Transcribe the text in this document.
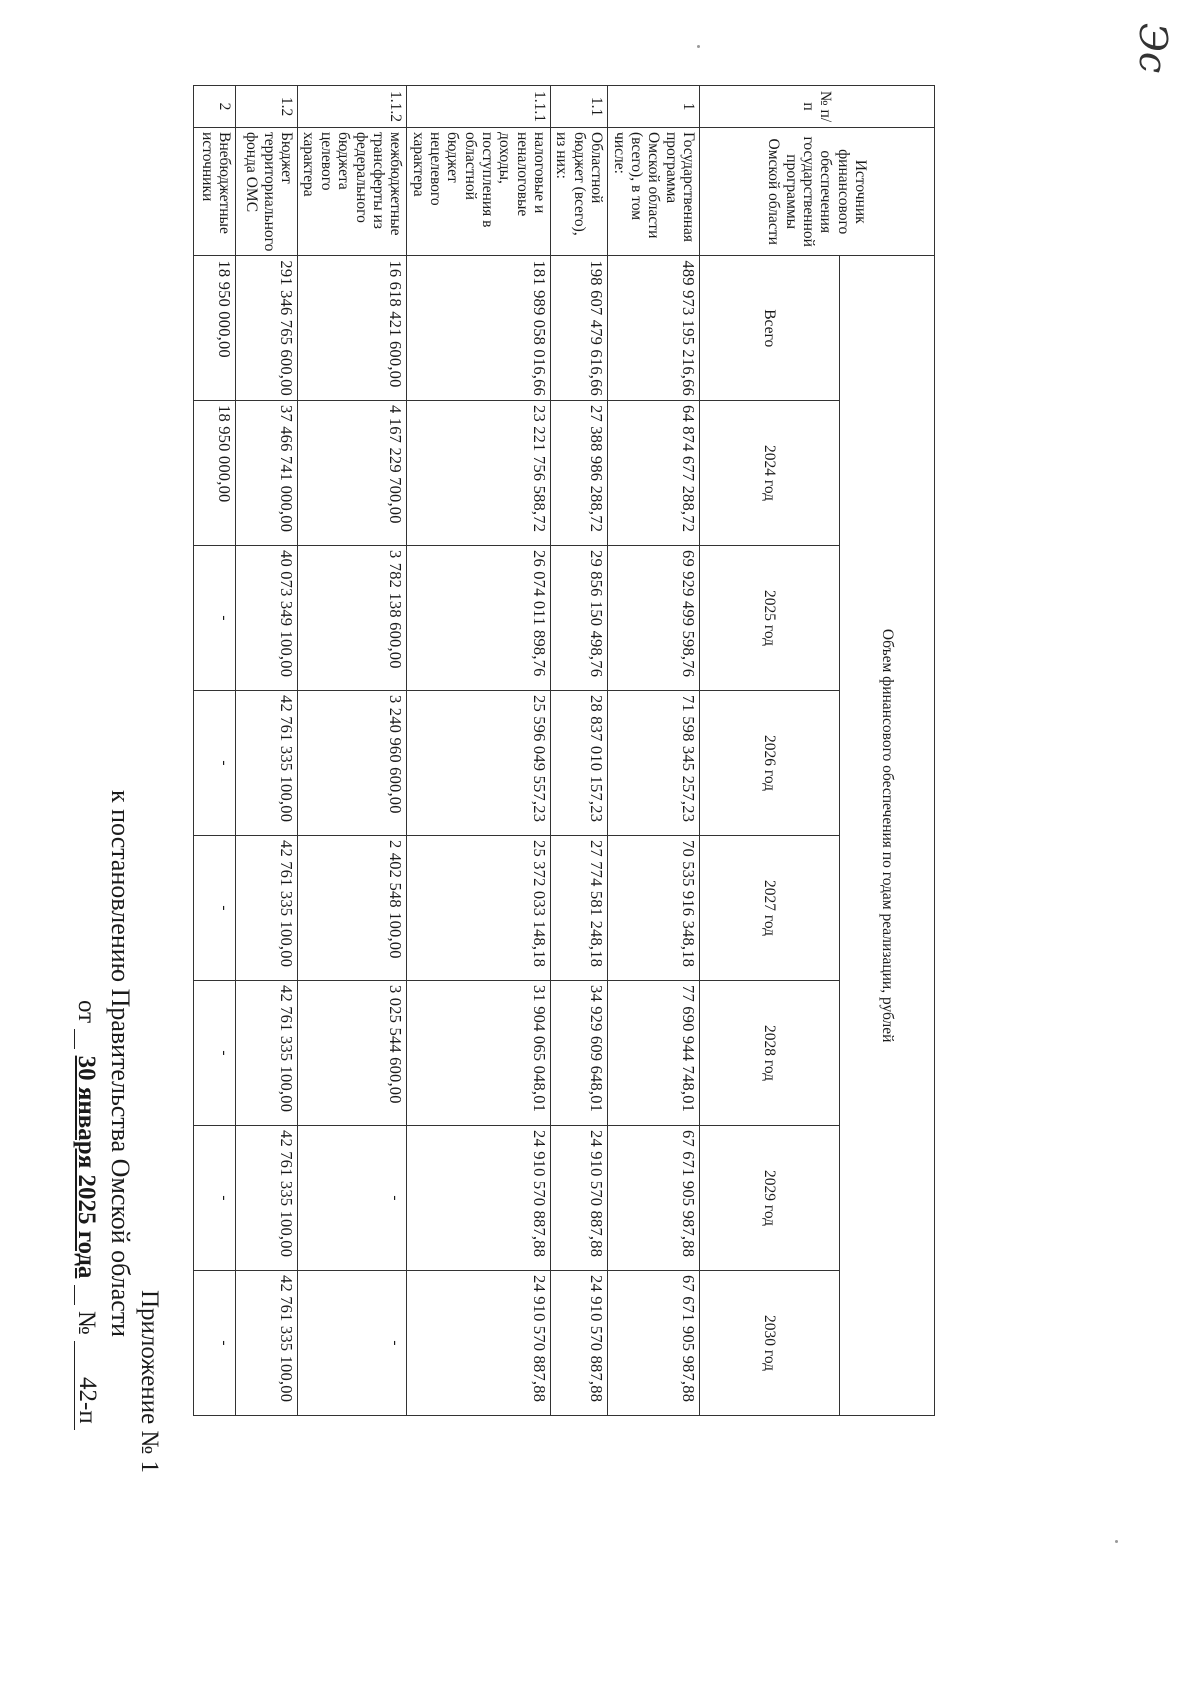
Эс
Приложение № 1
к постановлению Правительства Омской области
от   30 января 2025 года   №  42-п
№ п/п	Источник финансового обеспечения государственной программы Омской области	Объем финансового обеспечения по годам реализации, рублей							
		Всего	2024 год	2025 год	2026 год	2027 год	2028 год	2029 год	2030 год
1	Государственная программа Омской области (всего), в том числе:	489 973 195 216,66	64 874 677 288,72	69 929 499 598,76	71 598 345 257,23	70 535 916 348,18	77 690 944 748,01	67 671 905 987,88	67 671 905 987,88
1.1	Областной бюджет (всего), из них:	198 607 479 616,66	27 388 986 288,72	29 856 150 498,76	28 837 010 157,23	27 774 581 248,18	34 929 609 648,01	24 910 570 887,88	24 910 570 887,88
1.1.1	налоговые и неналоговые доходы, поступления в областной бюджет нецелевого характера	181 989 058 016,66	23 221 756 588,72	26 074 011 898,76	25 596 049 557,23	25 372 033 148,18	31 904 065 048,01	24 910 570 887,88	24 910 570 887,88
1.1.2	межбюджетные трансферты из федерального бюджета целевого характера	16 618 421 600,00	4 167 229 700,00	3 782 138 600,00	3 240 960 600,00	2 402 548 100,00	3 025 544 600,00	-	-
1.2	Бюджет территориального фонда ОМС	291 346 765 600,00	37 466 741 000,00	40 073 349 100,00	42 761 335 100,00	42 761 335 100,00	42 761 335 100,00	42 761 335 100,00	42 761 335 100,00
2	Внебюджетные источники	18 950 000,00	18 950 000,00	-	-	-	-	-	-
